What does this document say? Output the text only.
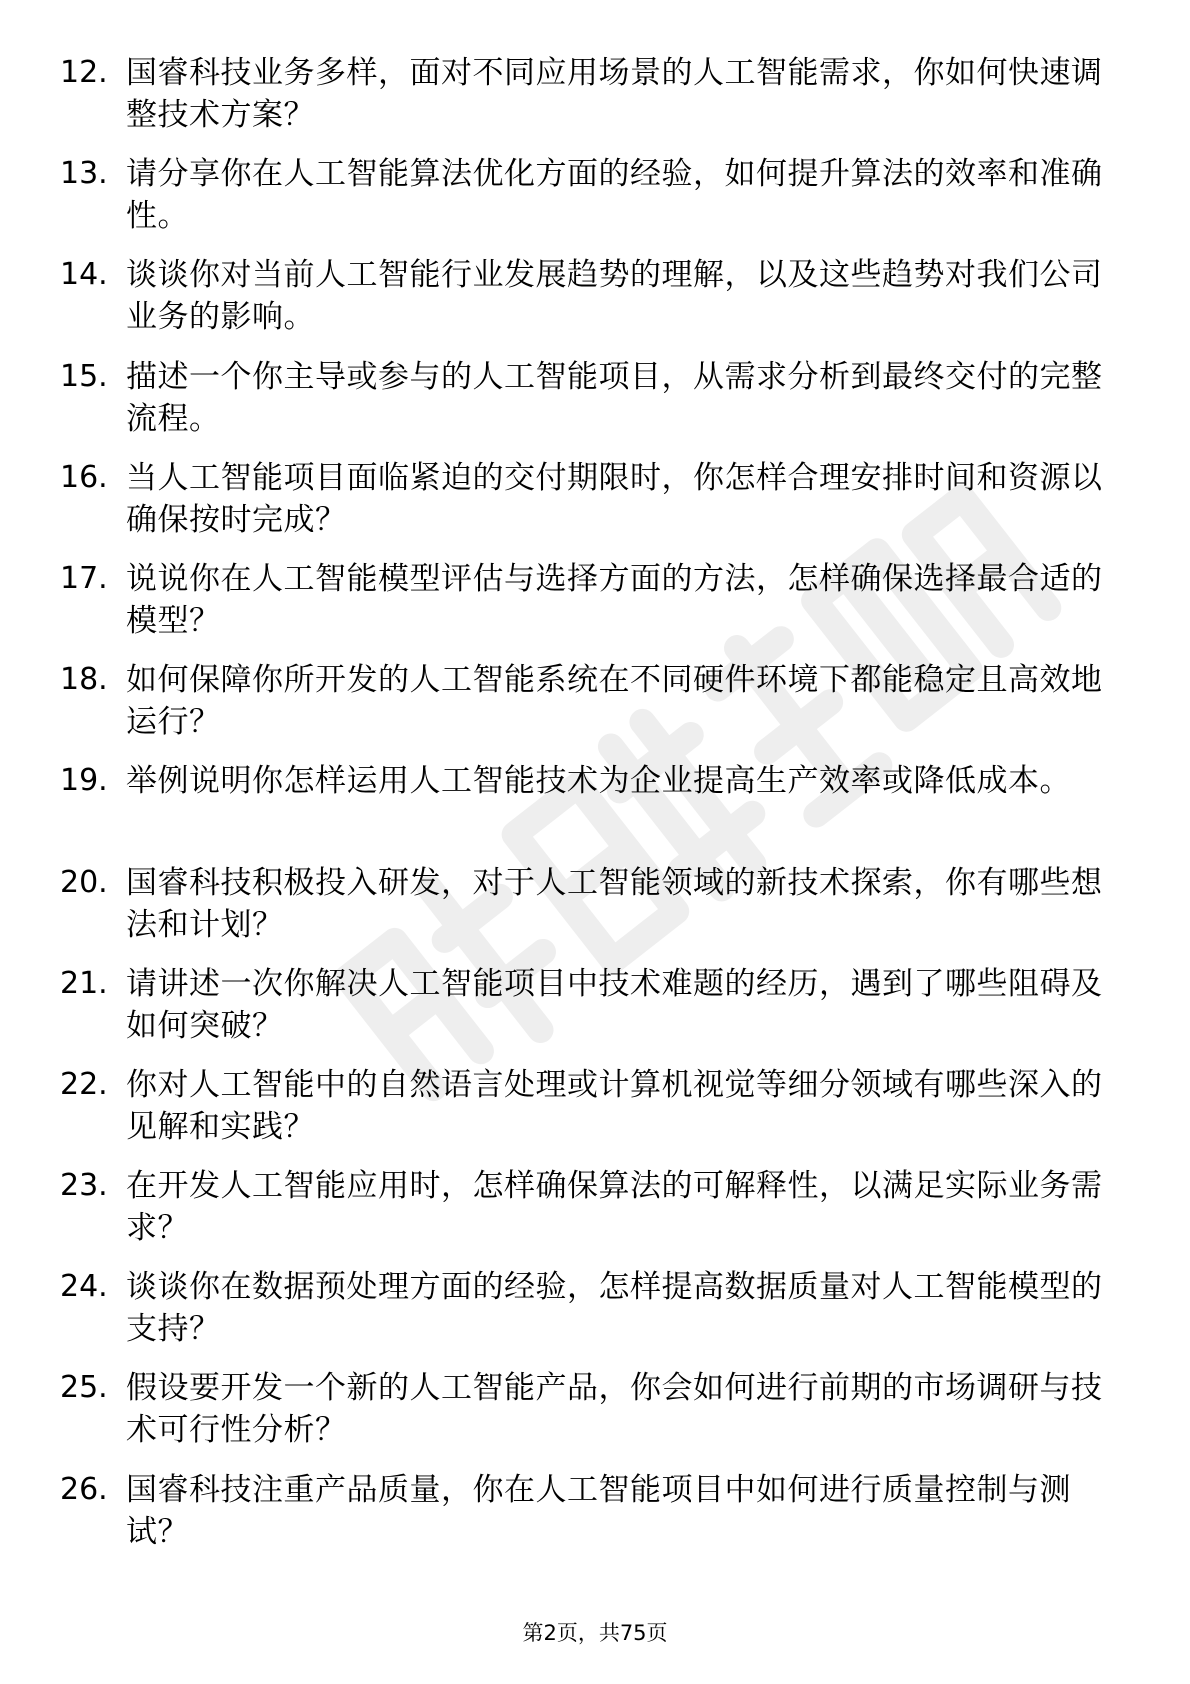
12. 国睿科技业务多样，面对不同应用场景的人工智能需求，你如何快速调整技术方案？
13. 请分享你在人工智能算法优化方面的经验，如何提升算法的效率和准确性。
14. 谈谈你对当前人工智能行业发展趋势的理解，以及这些趋势对我们公司业务的影响。
15. 描述一个你主导或参与的人工智能项目，从需求分析到最终交付的完整流程。
16. 当人工智能项目面临紧迫的交付期限时，你怎样合理安排时间和资源以确保按时完成？
17. 说说你在人工智能模型评估与选择方面的方法，怎样确保选择最合适的模型？
18. 如何保障你所开发的人工智能系统在不同硬件环境下都能稳定且高效地运行？
19. 举例说明你怎样运用人工智能技术为企业提高生产效率或降低成本。
20. 国睿科技积极投入研发，对于人工智能领域的新技术探索，你有哪些想法和计划？
21. 请讲述一次你解决人工智能项目中技术难题的经历，遇到了哪些阻碍及如何突破？
22. 你对人工智能中的自然语言处理或计算机视觉等细分领域有哪些深入的见解和实践？
23. 在开发人工智能应用时，怎样确保算法的可解释性，以满足实际业务需求？
24. 谈谈你在数据预处理方面的经验，怎样提高数据质量对人工智能模型的支持？
25. 假设要开发一个新的人工智能产品，你会如何进行前期的市场调研与技术可行性分析？
26. 国睿科技注重产品质量，你在人工智能项目中如何进行质量控制与测试？
第2页，共75页
